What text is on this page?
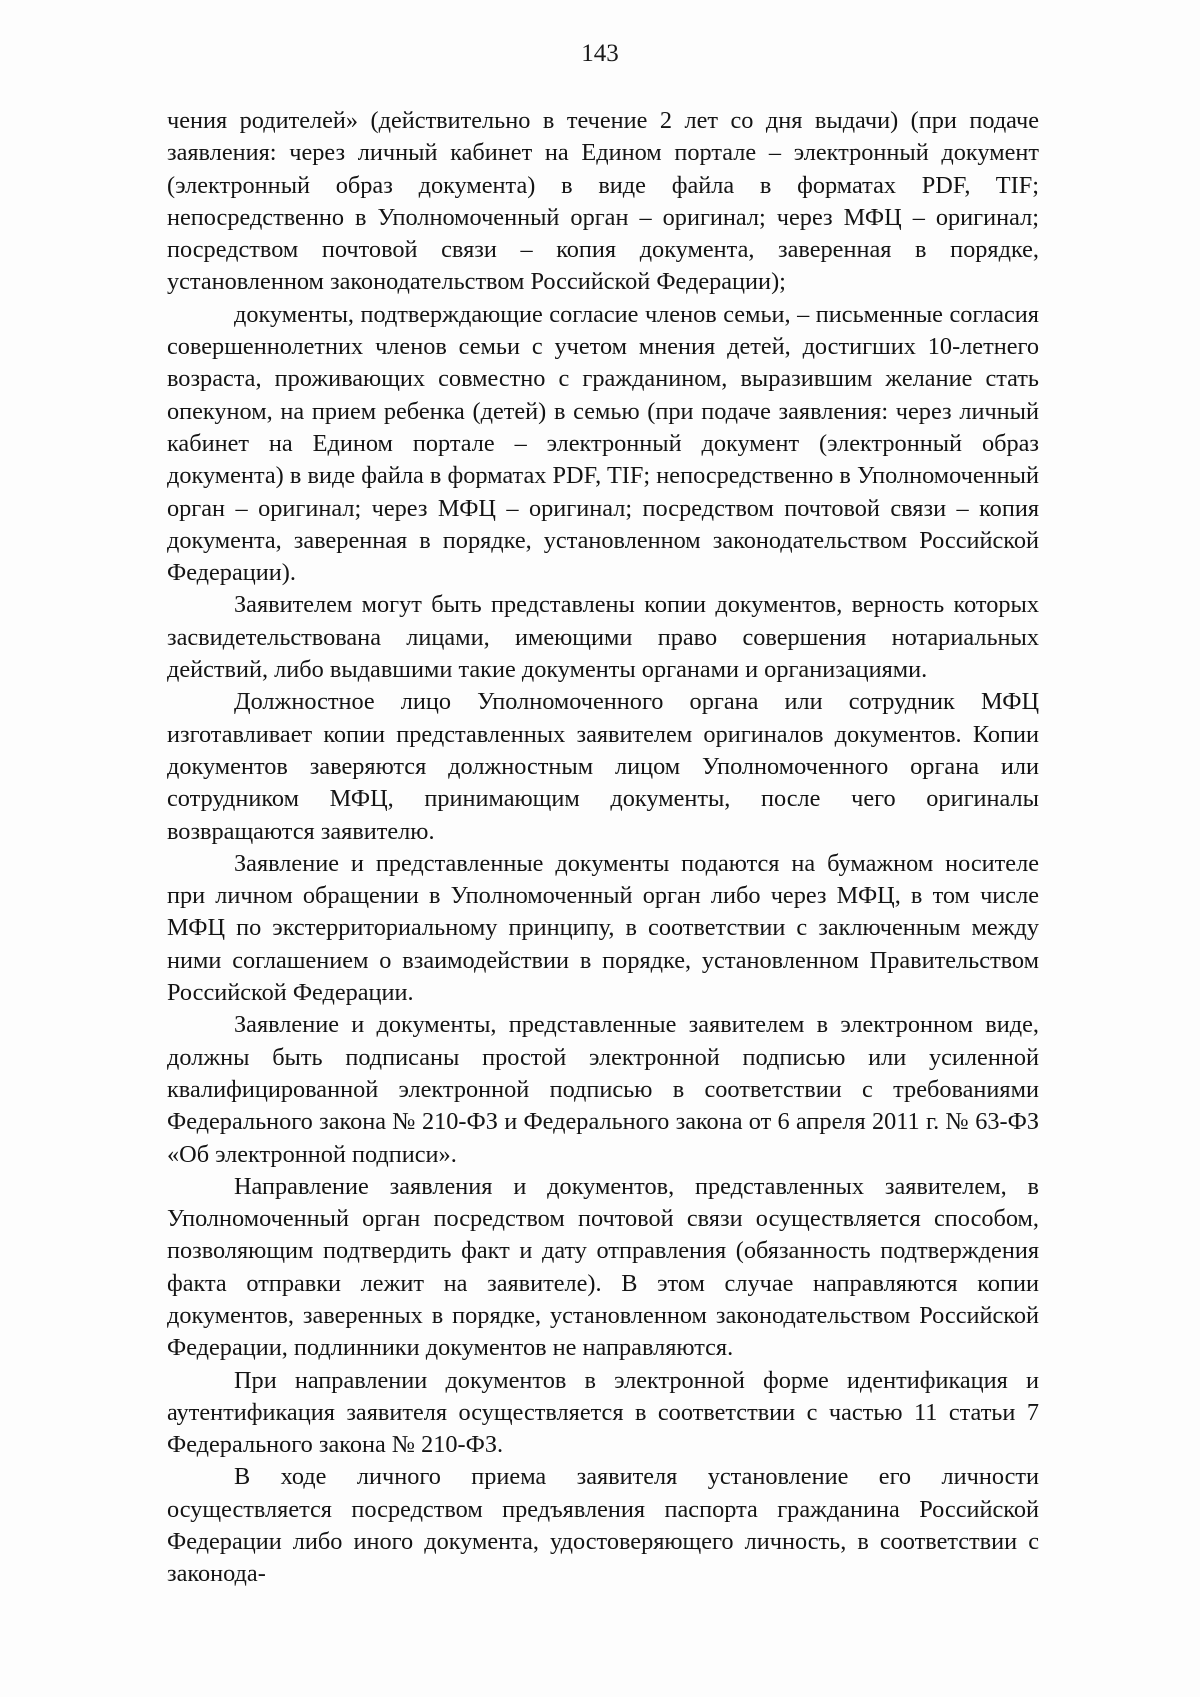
143

чения родителей» (действительно в течение 2 лет со дня выдачи) (при подаче заявления: через личный кабинет на Едином портале – электронный документ (электронный образ документа) в виде файла в форматах PDF, TIF; непосредственно в Уполномоченный орган – оригинал; через МФЦ – оригинал; посредством почтовой связи – копия документа, заверенная в порядке, установленном законодательством Российской Федерации);

документы, подтверждающие согласие членов семьи, – письменные согласия совершеннолетних членов семьи с учетом мнения детей, достигших 10-летнего возраста, проживающих совместно с гражданином, выразившим желание стать опекуном, на прием ребенка (детей) в семью (при подаче заявления: через личный кабинет на Едином портале – электронный документ (электронный образ документа) в виде файла в форматах PDF, TIF; непосредственно в Уполномоченный орган – оригинал; через МФЦ – оригинал; посредством почтовой связи – копия документа, заверенная в порядке, установленном законодательством Российской Федерации).

Заявителем могут быть представлены копии документов, верность которых засвидетельствована лицами, имеющими право совершения нотариальных действий, либо выдавшими такие документы органами и организациями.

Должностное лицо Уполномоченного органа или сотрудник МФЦ изготавливает копии представленных заявителем оригиналов документов. Копии документов заверяются должностным лицом Уполномоченного органа или сотрудником МФЦ, принимающим документы, после чего оригиналы возвращаются заявителю.

Заявление и представленные документы подаются на бумажном носителе при личном обращении в Уполномоченный орган либо через МФЦ, в том числе МФЦ по экстерриториальному принципу, в соответствии с заключенным между ними соглашением о взаимодействии в порядке, установленном Правительством Российской Федерации.

Заявление и документы, представленные заявителем в электронном виде, должны быть подписаны простой электронной подписью или усиленной квалифицированной электронной подписью в соответствии с требованиями Федерального закона № 210-ФЗ и Федерального закона от 6 апреля 2011 г. № 63-ФЗ «Об электронной подписи».

Направление заявления и документов, представленных заявителем, в Уполномоченный орган посредством почтовой связи осуществляется способом, позволяющим подтвердить факт и дату отправления (обязанность подтверждения факта отправки лежит на заявителе). В этом случае направляются копии документов, заверенных в порядке, установленном законодательством Российской Федерации, подлинники документов не направляются.

При направлении документов в электронной форме идентификация и аутентификация заявителя осуществляется в соответствии с частью 11 статьи 7 Федерального закона № 210-ФЗ.

В ходе личного приема заявителя установление его личности осуществляется посредством предъявления паспорта гражданина Российской Федерации либо иного документа, удостоверяющего личность, в соответствии с законода-
